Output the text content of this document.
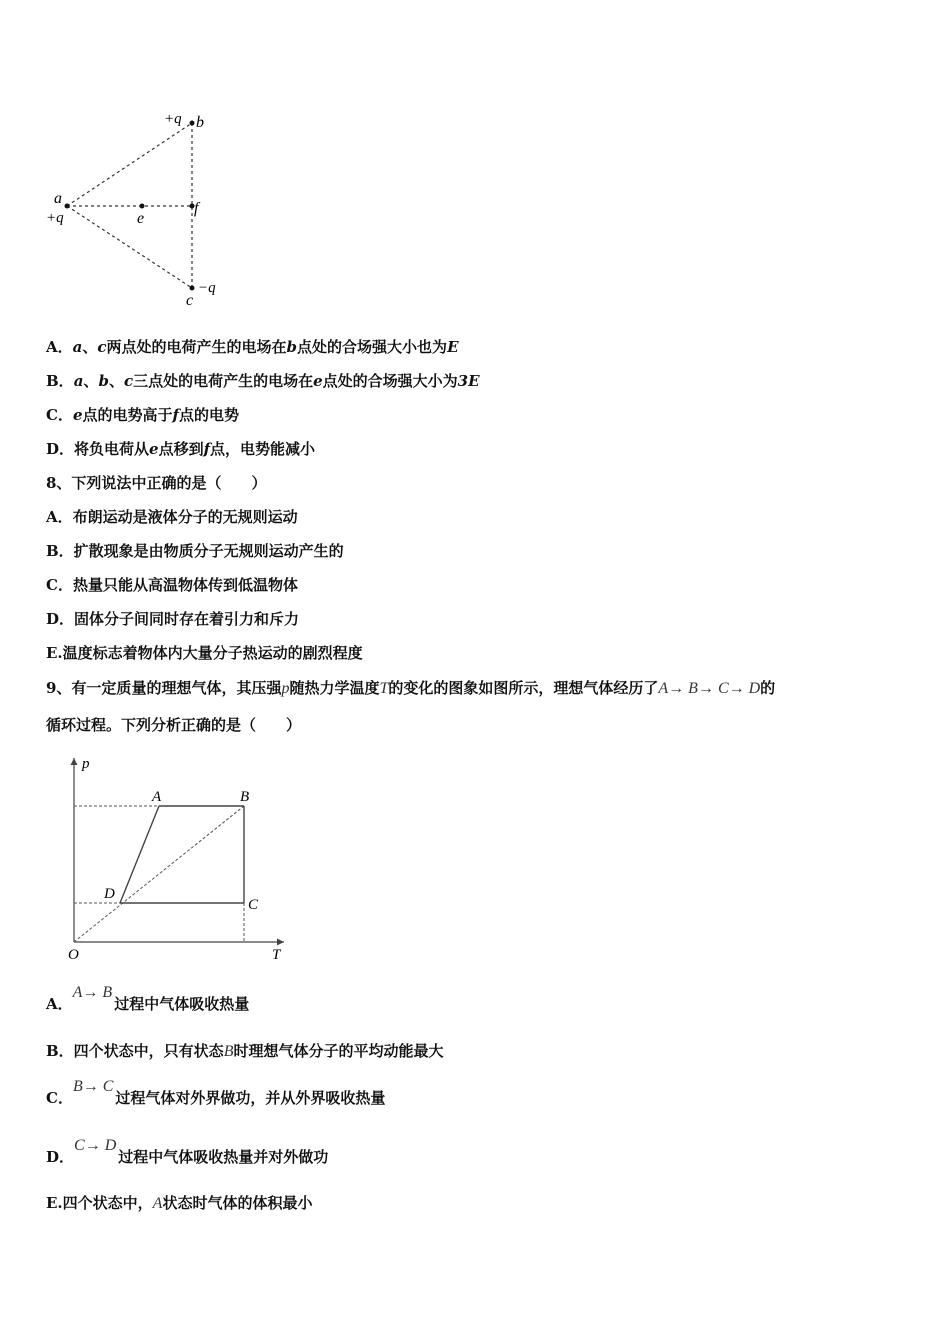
+q b
a
+q	e
f
c
−q
A．a、c两点处的电荷产生的电场在b点处的合场强大小也为E
B．a、b、c三点处的电荷产生的电场在e点处的合场强大小为3E
C．e点的电势高于f点的电势
D．将负电荷从e点移到f点，电势能减小
8、下列说法中正确的是（　　）
A．布朗运动是液体分子的无规则运动
B．扩散现象是由物质分子无规则运动产生的
C．热量只能从高温物体传到低温物体
D．固体分子间同时存在着引力和斥力
E.温度标志着物体内大量分子热运动的剧烈程度
9、有一定质量的理想气体，其压强p随热力学温度T的变化的图象如图所示，理想气体经历了A→ B→ C→ D的
循环过程。下列分析正确的是（　　）
p
T
O
A	B
C
D
A．A→ B过程中气体吸收热量
B．四个状态中，只有状态B时理想气体分子的平均动能最大
C．B→ C过程气体对外界做功，并从外界吸收热量
D．C→ D过程中气体吸收热量并对外做功
E.四个状态中，A状态时气体的体积最小
